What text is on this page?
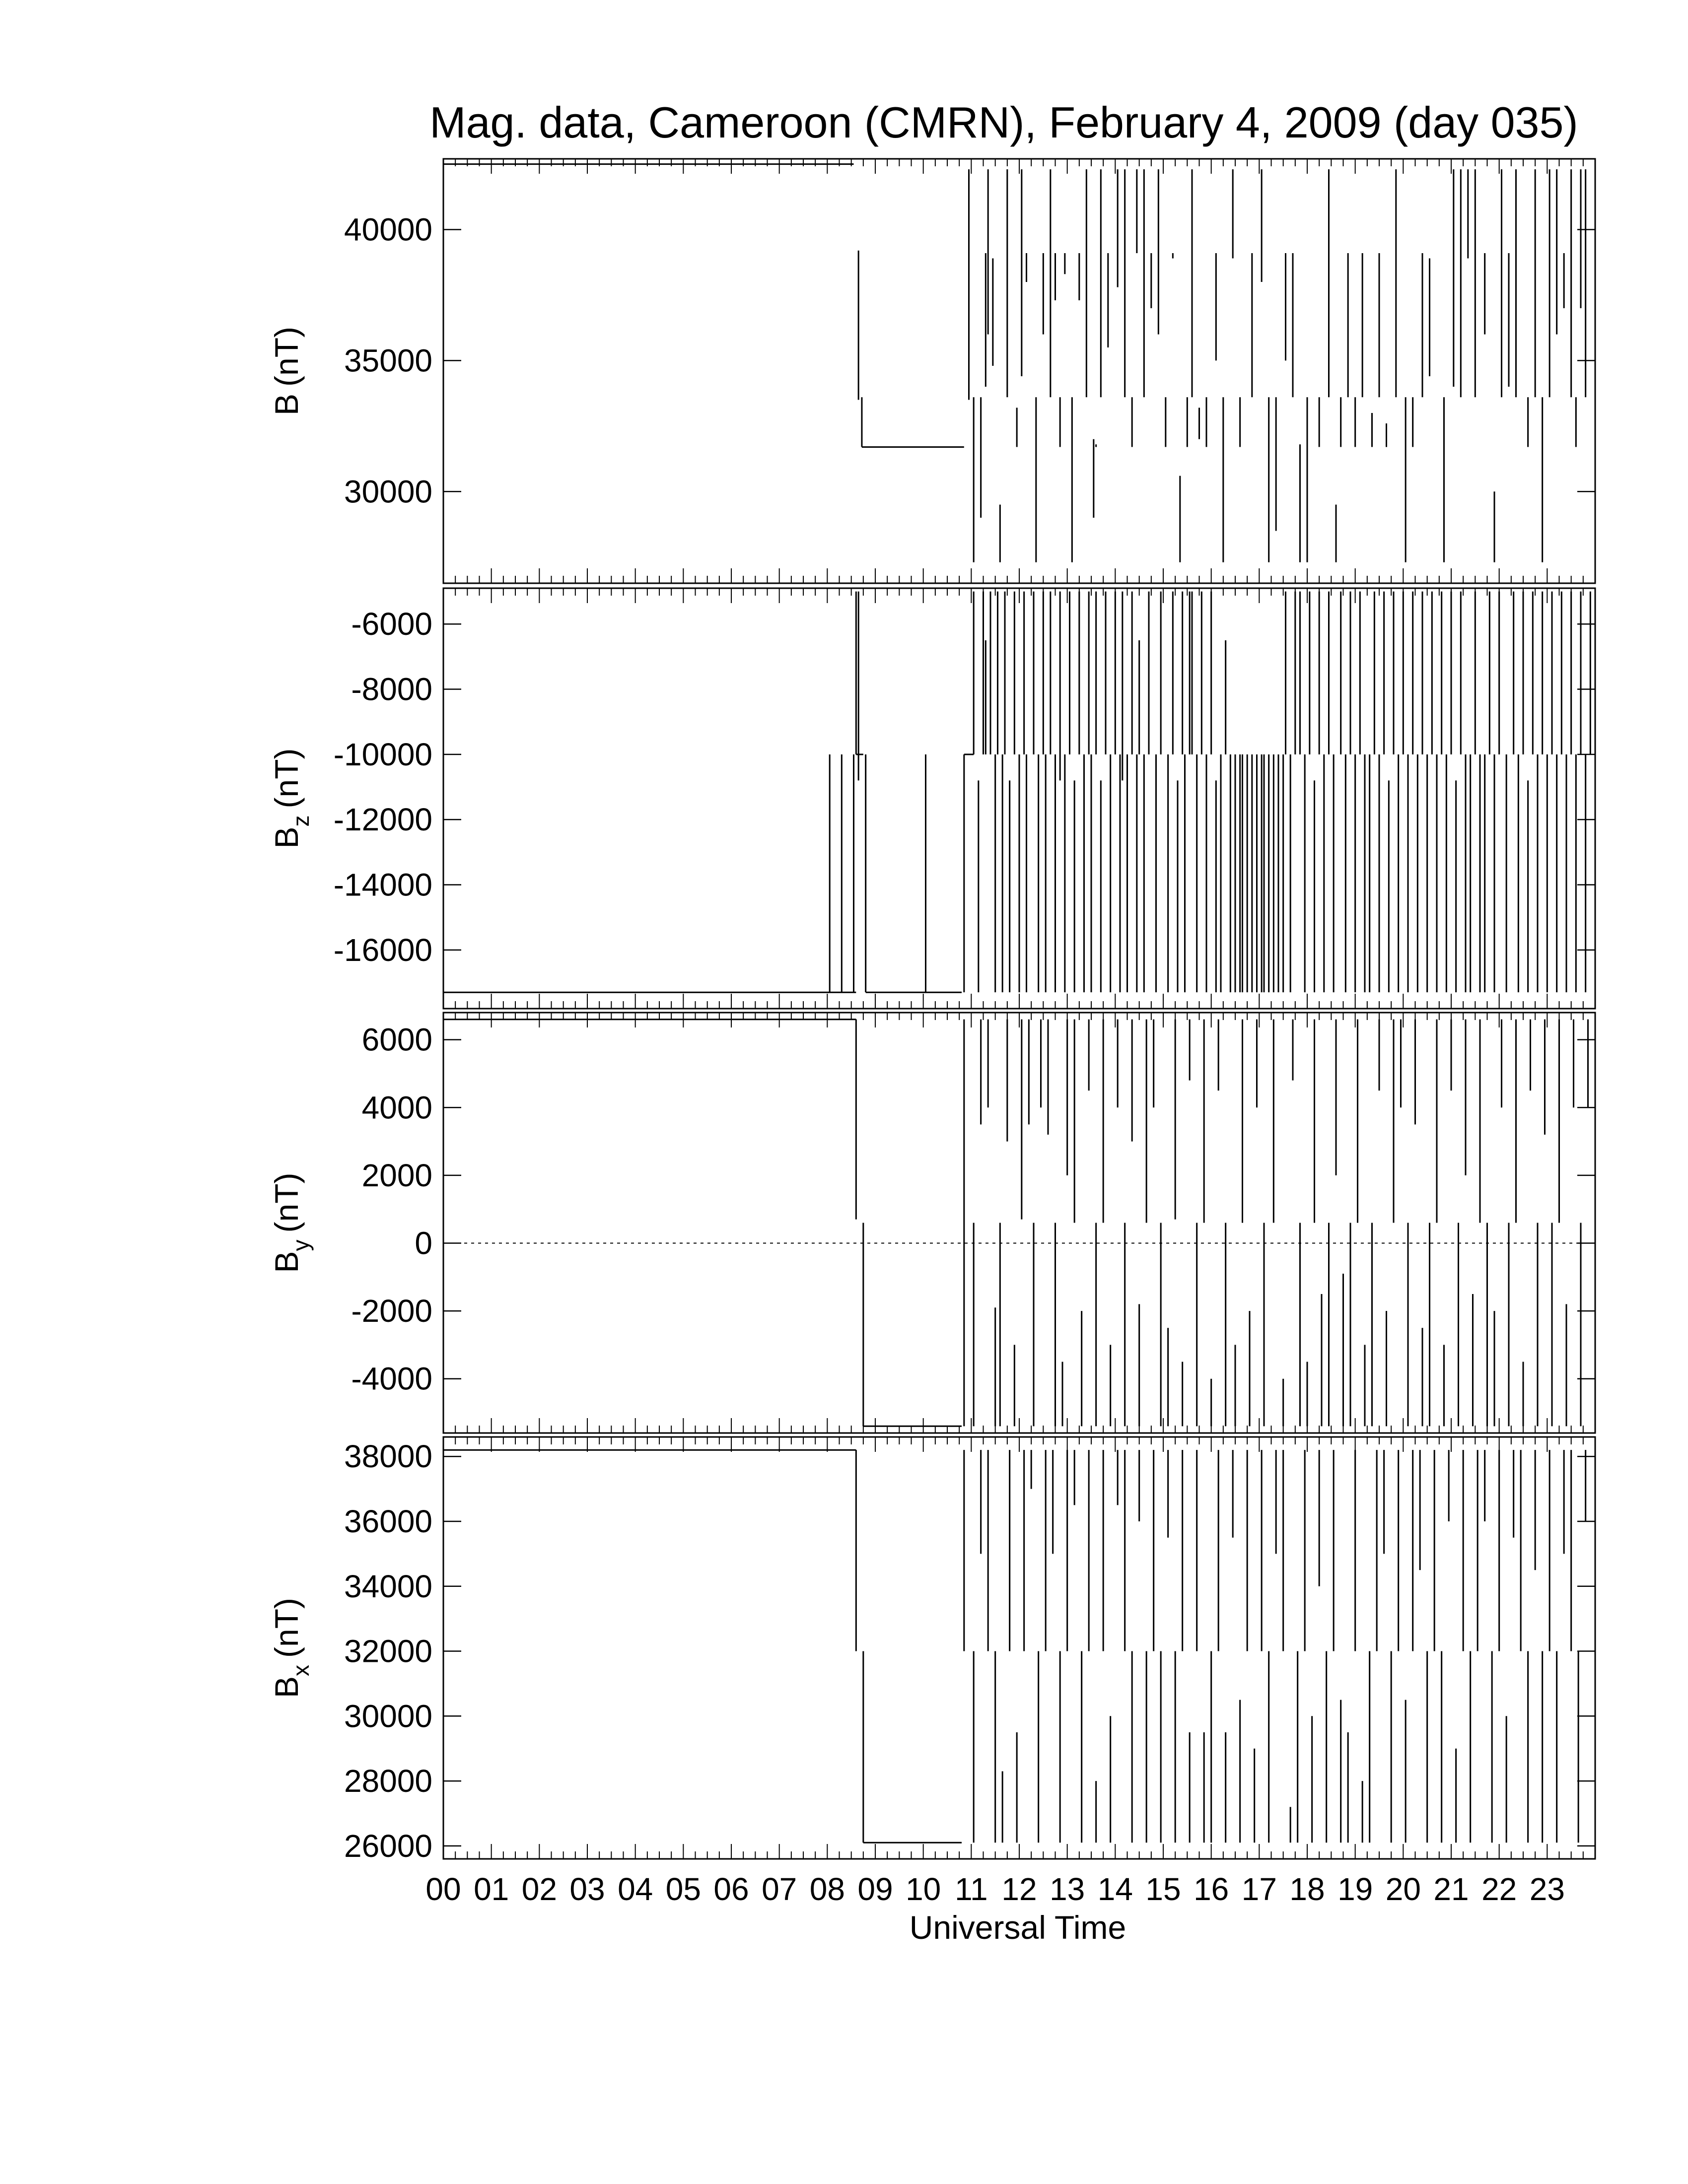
Mag. data, Cameroon (CMRN), February 4, 2009 (day 035)
30000
35000
40000
B(nT)
-16000
-14000
-12000
-10000
-8000
-6000
$B_z(nT)$
-4000
-2000
0
2000
4000
6000
$B_y(nT)$
26000
28000
30000
32000
34000
36000
38000
$B_x(nT)$
00 01 02 03 04 05 06 07 08 09 10 11 12 13 14 15 16 17 18 19 20 21 22 23
Universal Time
